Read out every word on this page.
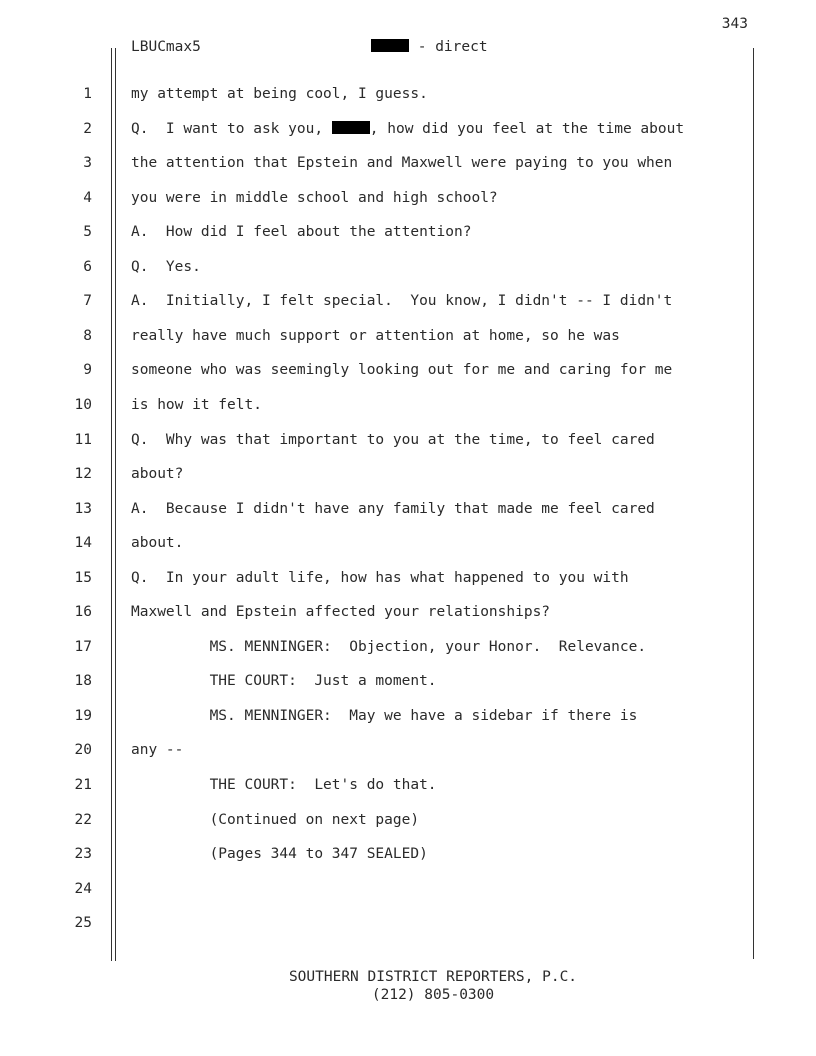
343
LBUCmax5	- direct
1	my attempt at being cool, I guess.
2	Q.  I want to ask you,	, how did you feel at the time about
3	the attention that Epstein and Maxwell were paying to you when
4	you were in middle school and high school?
5	A.  How did I feel about the attention?
6	Q.  Yes.
7	A.  Initially, I felt special.  You know, I didn't -- I didn't
8	really have much support or attention at home, so he was
9	someone who was seemingly looking out for me and caring for me
10	is how it felt.
11	Q.  Why was that important to you at the time, to feel cared
12	about?
13	A.  Because I didn't have any family that made me feel cared
14	about.
15	Q.  In your adult life, how has what happened to you with
16	Maxwell and Epstein affected your relationships?
17	MS. MENNINGER:  Objection, your Honor.  Relevance.
18	THE COURT:  Just a moment.
19	MS. MENNINGER:  May we have a sidebar if there is
20	any --
21	THE COURT:  Let's do that.
22	(Continued on next page)
23	(Pages 344 to 347 SEALED)
24
25
SOUTHERN DISTRICT REPORTERS, P.C.
(212) 805-0300
